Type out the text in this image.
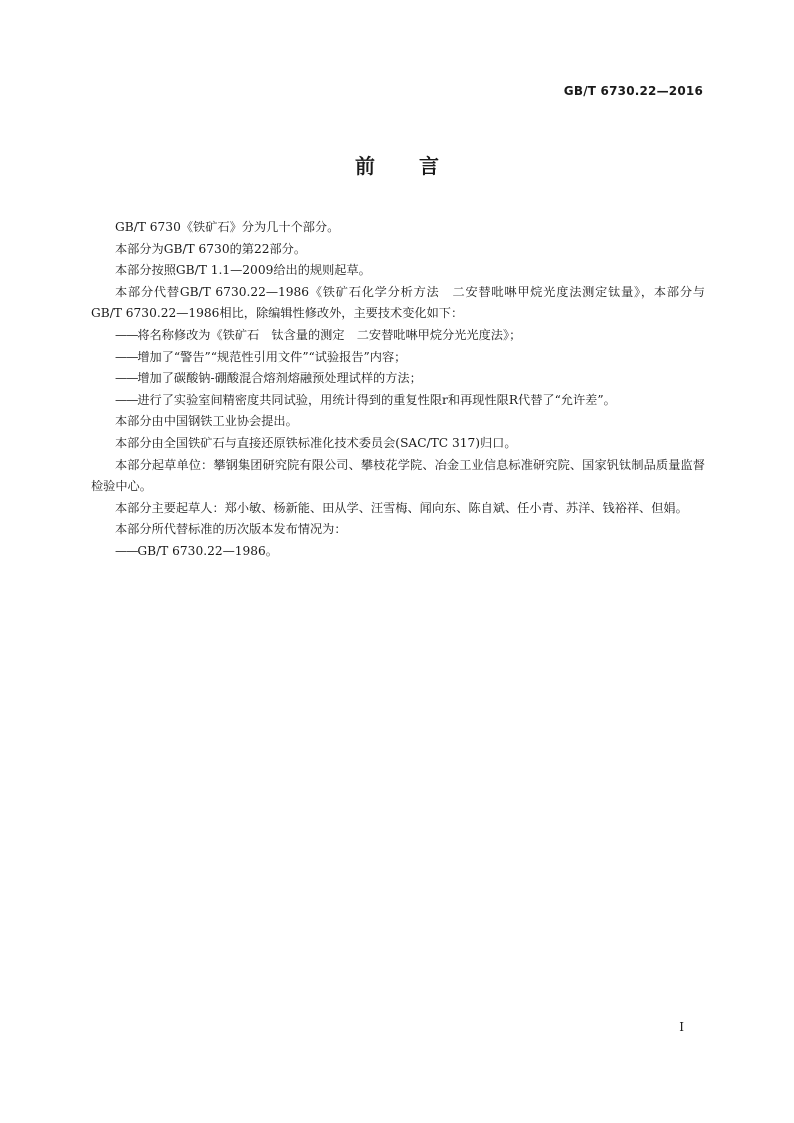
GB/T 6730.22—2016
前言

GB/T 6730《铁矿石》分为几十个部分。

本部分为GB/T 6730的第22部分。

本部分按照GB/T 1.1—2009给出的规则起草。

本部分代替GB/T 6730.22—1986《铁矿石化学分析方法　二安替吡啉甲烷光度法测定钛量》，本部分与GB/T 6730.22—1986相比，除编辑性修改外，主要技术变化如下：

——将名称修改为《铁矿石　钛含量的测定　二安替吡啉甲烷分光光度法》；

——增加了“警告”“规范性引用文件”“试验报告”内容；

——增加了碳酸钠-硼酸混合熔剂熔融预处理试样的方法；

——进行了实验室间精密度共同试验，用统计得到的重复性限r和再现性限R代替了“允许差”。

本部分由中国钢铁工业协会提出。

本部分由全国铁矿石与直接还原铁标准化技术委员会(SAC/TC 317)归口。

本部分起草单位：攀钢集团研究院有限公司、攀枝花学院、冶金工业信息标准研究院、国家钒钛制品质量监督检验中心。

本部分主要起草人：郑小敏、杨新能、田从学、汪雪梅、闻向东、陈自斌、任小青、苏洋、钱裕祥、但娟。

本部分所代替标准的历次版本发布情况为：

——GB/T 6730.22—1986。

I
